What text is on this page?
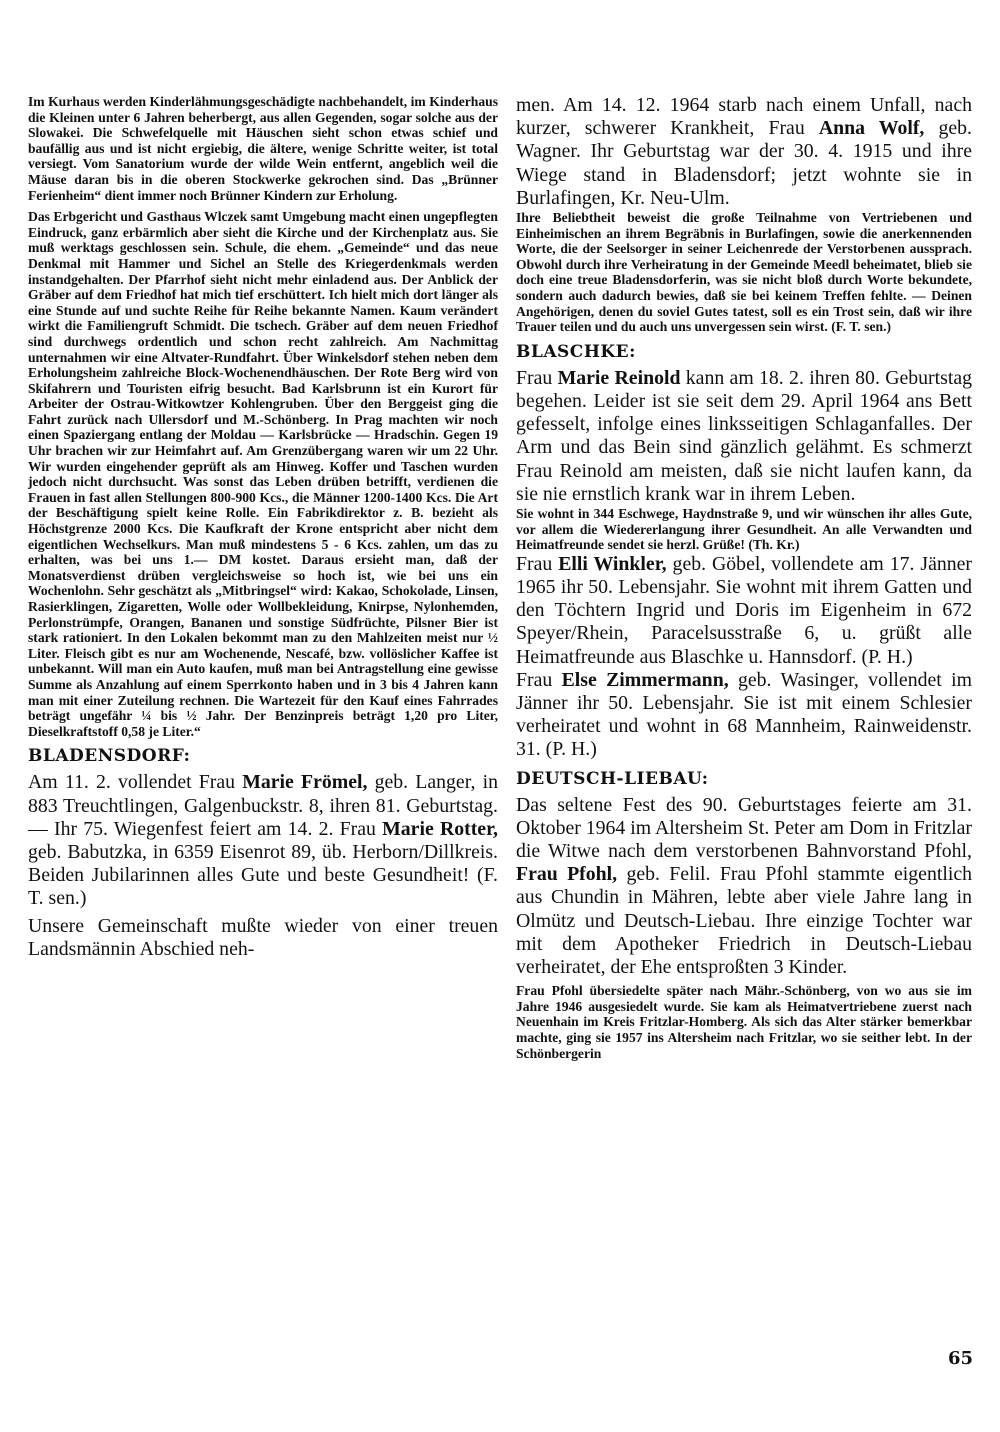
Im Kurhaus werden Kinderlähmungsgeschädigte nachbehandelt, im Kinderhaus die Kleinen unter 6 Jahren beherbergt, aus allen Gegenden, sogar solche aus der Slowakei. Die Schwefelquelle mit Häuschen sieht schon etwas schief und baufällig aus und ist nicht ergiebig, die ältere, wenige Schritte weiter, ist total versiegt. Vom Sanatorium wurde der wilde Wein entfernt, angeblich weil die Mäuse daran bis in die oberen Stockwerke gekrochen sind. Das „Brünner Ferienheim“ dient immer noch Brünner Kindern zur Erholung.

Das Erbgericht und Gasthaus Wlczek samt Umgebung macht einen ungepflegten Eindruck, ganz erbärmlich aber sieht die Kirche und der Kirchenplatz aus. Sie muß werktags geschlossen sein. Schule, die ehem. „Gemeinde“ und das neue Denkmal mit Hammer und Sichel an Stelle des Kriegerdenkmals werden instandgehalten. Der Pfarrhof sieht nicht mehr einladend aus. Der Anblick der Gräber auf dem Friedhof hat mich tief erschüttert. Ich hielt mich dort länger als eine Stunde auf und suchte Reihe für Reihe bekannte Namen. Kaum verändert wirkt die Familiengruft Schmidt. Die tschech. Gräber auf dem neuen Friedhof sind durchwegs ordentlich und schon recht zahlreich. Am Nachmittag unternahmen wir eine Altvater-Rundfahrt. Über Winkelsdorf stehen neben dem Erholungsheim zahlreiche Block-Wochenendhäuschen. Der Rote Berg wird von Skifahrern und Touristen eifrig besucht. Bad Karlsbrunn ist ein Kurort für Arbeiter der Ostrau-Witkowtzer Kohlengruben. Über den Berggeist ging die Fahrt zurück nach Ullersdorf und M.-Schönberg. In Prag machten wir noch einen Spaziergang entlang der Moldau — Karlsbrücke — Hradschin. Gegen 19 Uhr brachen wir zur Heimfahrt auf. Am Grenzübergang waren wir um 22 Uhr. Wir wurden eingehender geprüft als am Hinweg. Koffer und Taschen wurden jedoch nicht durchsucht. Was sonst das Leben drüben betrifft, verdienen die Frauen in fast allen Stellungen 800-900 Kcs., die Männer 1200-1400 Kcs. Die Art der Beschäftigung spielt keine Rolle. Ein Fabrikdirektor z. B. bezieht als Höchstgrenze 2000 Kcs. Die Kaufkraft der Krone entspricht aber nicht dem eigentlichen Wechselkurs. Man muß mindestens 5 - 6 Kcs. zahlen, um das zu erhalten, was bei uns 1.— DM kostet. Daraus ersieht man, daß der Monatsverdienst drüben vergleichsweise so hoch ist, wie bei uns ein Wochenlohn. Sehr geschätzt als „Mitbringsel“ wird: Kakao, Schokolade, Linsen, Rasierklingen, Zigaretten, Wolle oder Wollbekleidung, Knirpse, Nylonhemden, Perlonstrümpfe, Orangen, Bananen und sonstige Südfrüchte, Pilsner Bier ist stark rationiert. In den Lokalen bekommt man zu den Mahlzeiten meist nur ½ Liter. Fleisch gibt es nur am Wochenende, Nescafé, bzw. vollöslicher Kaffee ist unbekannt. Will man ein Auto kaufen, muß man bei Antragstellung eine gewisse Summe als Anzahlung auf einem Sperrkonto haben und in 3 bis 4 Jahren kann man mit einer Zuteilung rechnen. Die Wartezeit für den Kauf eines Fahrrades beträgt ungefähr ¼ bis ½ Jahr. Der Benzinpreis beträgt 1,20 pro Liter, Dieselkraftstoff 0,58 je Liter.“

BLADENSDORF:

Am 11. 2. vollendet Frau Marie Frömel, geb. Langer, in 883 Treuchtlingen, Galgenbuckstr. 8, ihren 81. Geburtstag. — Ihr 75. Wiegenfest feiert am 14. 2. Frau Marie Rotter, geb. Babutzka, in 6359 Eisenrot 89, üb. Herborn/Dillkreis. Beiden Jubilarinnen alles Gute und beste Gesundheit! (F. T. sen.)

Unsere Gemeinschaft mußte wieder von einer treuen Landsmännin Abschied neh-

men. Am 14. 12. 1964 starb nach einem Unfall, nach kurzer, schwerer Krankheit, Frau Anna Wolf, geb. Wagner. Ihr Geburtstag war der 30. 4. 1915 und ihre Wiege stand in Bladensdorf; jetzt wohnte sie in Burlafingen, Kr. Neu-Ulm.

Ihre Beliebtheit beweist die große Teilnahme von Vertriebenen und Einheimischen an ihrem Begräbnis in Burlafingen, sowie die anerkennenden Worte, die der Seelsorger in seiner Leichenrede der Verstorbenen aussprach. Obwohl durch ihre Verheiratung in der Gemeinde Meedl beheimatet, blieb sie doch eine treue Bladensdorferin, was sie nicht bloß durch Worte bekundete, sondern auch dadurch bewies, daß sie bei keinem Treffen fehlte. — Deinen Angehörigen, denen du soviel Gutes tatest, soll es ein Trost sein, daß wir ihre Trauer teilen und du auch uns unvergessen sein wirst. (F. T. sen.)

BLASCHKE:

Frau Marie Reinold kann am 18. 2. ihren 80. Geburtstag begehen. Leider ist sie seit dem 29. April 1964 ans Bett gefesselt, infolge eines linksseitigen Schlaganfalles. Der Arm und das Bein sind gänzlich gelähmt. Es schmerzt Frau Reinold am meisten, daß sie nicht laufen kann, da sie nie ernstlich krank war in ihrem Leben.

Sie wohnt in 344 Eschwege, Haydnstraße 9, und wir wünschen ihr alles Gute, vor allem die Wiedererlangung ihrer Gesundheit. An alle Verwandten und Heimatfreunde sendet sie herzl. Grüße! (Th. Kr.)

Frau Elli Winkler, geb. Göbel, vollendete am 17. Jänner 1965 ihr 50. Lebensjahr. Sie wohnt mit ihrem Gatten und den Töchtern Ingrid und Doris im Eigenheim in 672 Speyer/Rhein, Paracelsusstraße 6, u. grüßt alle Heimatfreunde aus Blaschke u. Hannsdorf. (P. H.)

Frau Else Zimmermann, geb. Wasinger, vollendet im Jänner ihr 50. Lebensjahr. Sie ist mit einem Schlesier verheiratet und wohnt in 68 Mannheim, Rainweidenstr. 31. (P. H.)

DEUTSCH-LIEBAU:

Das seltene Fest des 90. Geburtstages feierte am 31. Oktober 1964 im Altersheim St. Peter am Dom in Fritzlar die Witwe nach dem verstorbenen Bahnvorstand Pfohl, Frau Pfohl, geb. Felil. Frau Pfohl stammte eigentlich aus Chundin in Mähren, lebte aber viele Jahre lang in Olmütz und Deutsch-Liebau. Ihre einzige Tochter war mit dem Apotheker Friedrich in Deutsch-Liebau verheiratet, der Ehe entsproßten 3 Kinder.

Frau Pfohl übersiedelte später nach Mähr.-Schönberg, von wo aus sie im Jahre 1946 ausgesiedelt wurde. Sie kam als Heimatvertriebene zuerst nach Neuenhain im Kreis Fritzlar-Homberg. Als sich das Alter stärker bemerkbar machte, ging sie 1957 ins Altersheim nach Fritzlar, wo sie seither lebt. In der Schönbergerin

65
